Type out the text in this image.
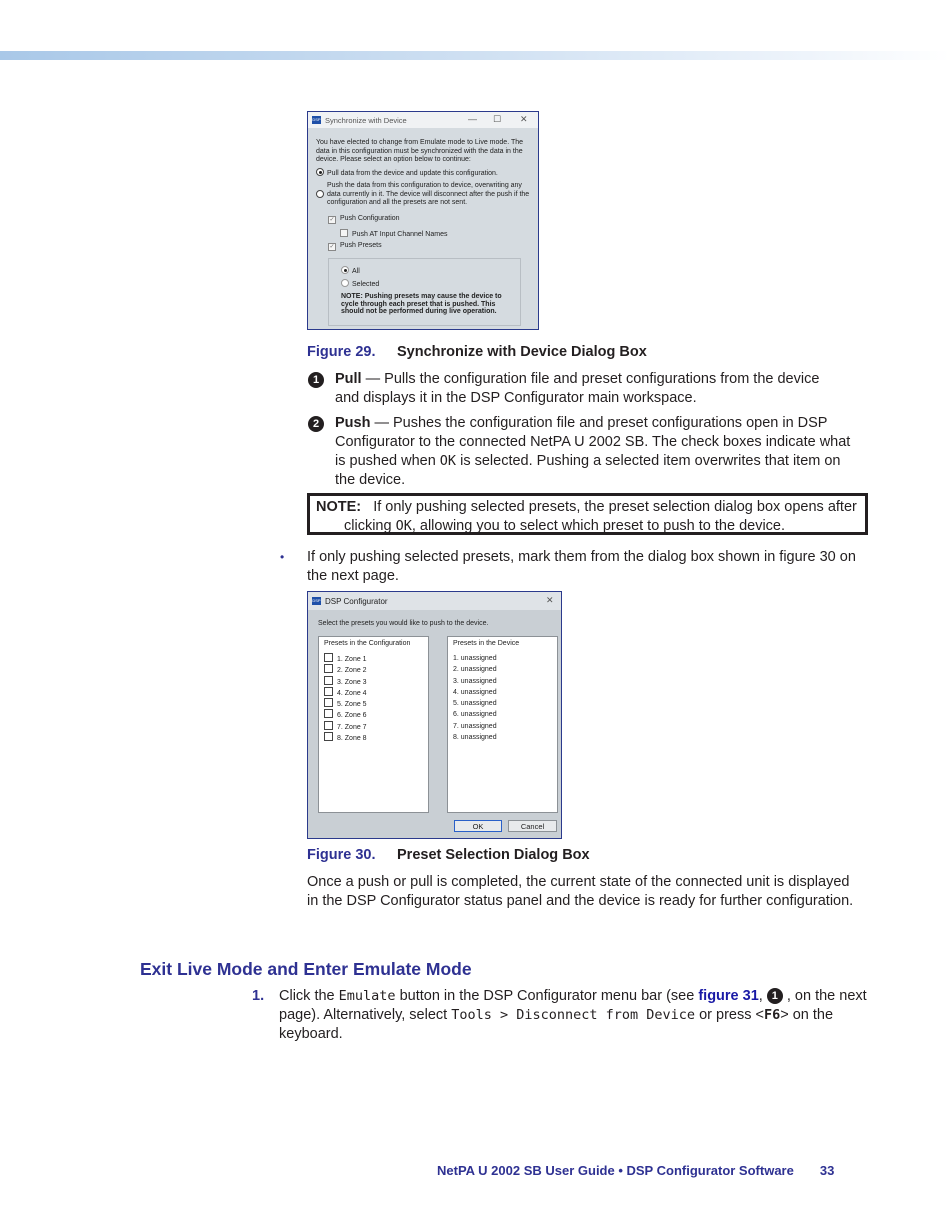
DSP Synchronize with Device	— ☐ ✕
You have elected to change from Emulate mode to Live mode. The data in this configuration must be synchronized with the data in the device. Please select an option below to continue:
Pull data from the device and update this configuration.
Push the data from this configuration to device, overwriting any data currently in it. The device will disconnect after the push if the configuration and all the presets are not sent.
✓ Push Configuration
Push AT Input Channel Names
✓ Push Presets
All
Selected
NOTE: Pushing presets may cause the device to cycle through each preset that is pushed. This should not be performed during live operation.
Figure 29. Synchronize with Device Dialog Box
1	Pull — Pulls the configuration file and preset configurations from the device and displays it in the DSP Configurator main workspace.
2	Push — Pushes the configuration file and preset configurations open in DSP Configurator to the connected NetPA U 2002 SB. The check boxes indicate what is pushed when OK is selected. Pushing a selected item overwrites that item on the device.
NOTE: If only pushing selected presets, the preset selection dialog box opens after clicking OK, allowing you to select which preset to push to the device.
• If only pushing selected presets, mark them from the dialog box shown in figure 30 on the next page.
DSP DSP Configurator	✕
Select the presets you would like to push to the device.
Presets in the Configuration
1. Zone 1
2. Zone 2
3. Zone 3
4. Zone 4
5. Zone 5
6. Zone 6
7. Zone 7
8. Zone 8
Presets in the Device
1. unassigned
2. unassigned
3. unassigned
4. unassigned
5. unassigned
6. unassigned
7. unassigned
8. unassigned
OK	Cancel
Figure 30. Preset Selection Dialog Box
Once a push or pull is completed, the current state of the connected unit is displayed in the DSP Configurator status panel and the device is ready for further configuration.
Exit Live Mode and Enter Emulate Mode
1. Click the Emulate button in the DSP Configurator menu bar (see figure 31, 1 , on the next page). Alternatively, select Tools > Disconnect from Device or press <F6> on the keyboard.
NetPA U 2002 SB User Guide • DSP Configurator Software 33
